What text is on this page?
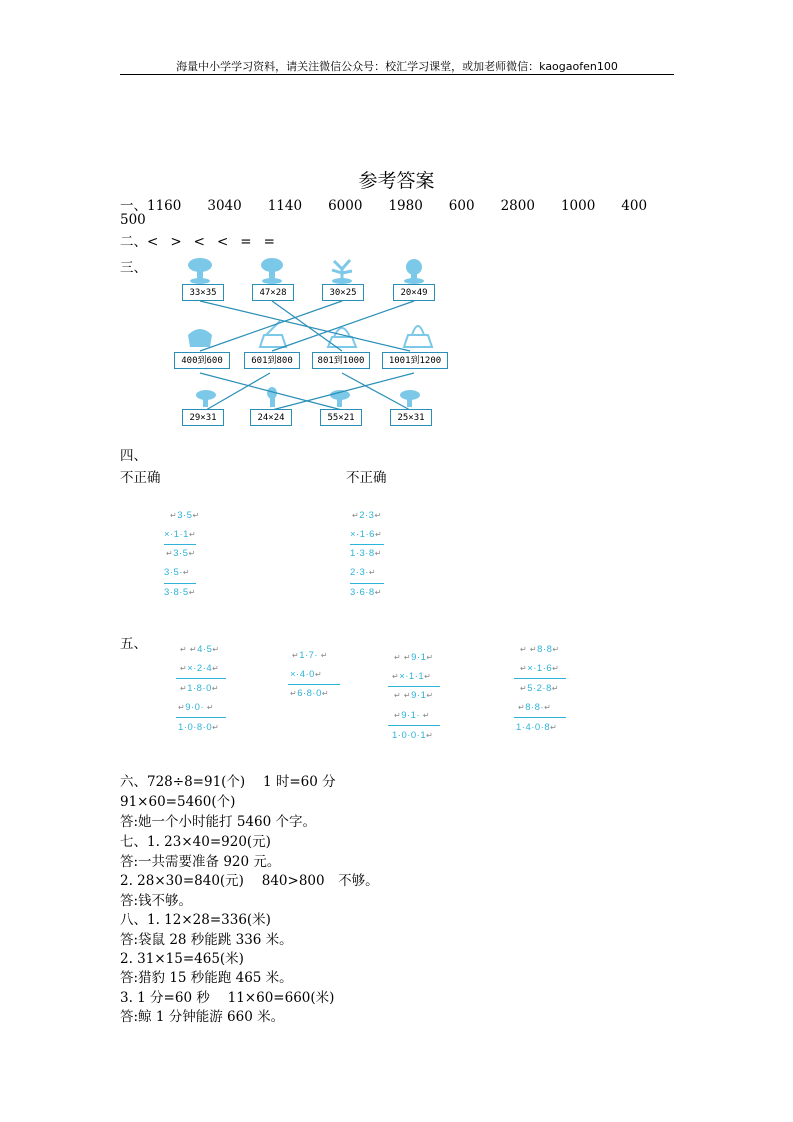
海量中小学学习资料，请关注微信公众号：校汇学习课堂，或加老师微信：kaogaofen100
参考答案
一、1160 3040 1140 6000 1980 600 2800 1000 400
500
二、< > < < = =
三、
33×35	47×28	30×25	20×49
400到600	601到800	801到1000	1001到1200
29×31	24×24	55×21	25×31
四、
不正确	不正确
↵3·5↵
×·1·1↵
↵3·5↵
3·5·↵
3·8·5↵
↵2·3↵
×·1·6↵
1·3·8↵
2·3·↵
3·6·8↵
五、	↵ ↵4·5↵
↵×·2·4↵
↵1·8·0↵
↵9·0· ↵
1·0·8·0↵
↵1·7· ↵
×·4·0↵
↵6·8·0↵
↵ ↵9·1↵
↵×·1·1↵
↵ ↵9·1↵
↵9·1· ↵
1·0·0·1↵
↵ ↵8·8↵
↵×·1·6↵
↵5·2·8↵
↵8·8·↵
1·4·0·8↵
六、728÷8=91(个)　 1 时=60 分
91×60=5460(个)
答:她一个小时能打 5460 个字。
七、1. 23×40=920(元)
答:一共需要准备 920 元。
2. 28×30=840(元)　 840>800　不够。
答:钱不够。
八、1. 12×28=336(米)
答:袋鼠 28 秒能跳 336 米。
2. 31×15=465(米)
答:猎豹 15 秒能跑 465 米。
3. 1 分=60 秒　 11×60=660(米)
答:鲸 1 分钟能游 660 米。
